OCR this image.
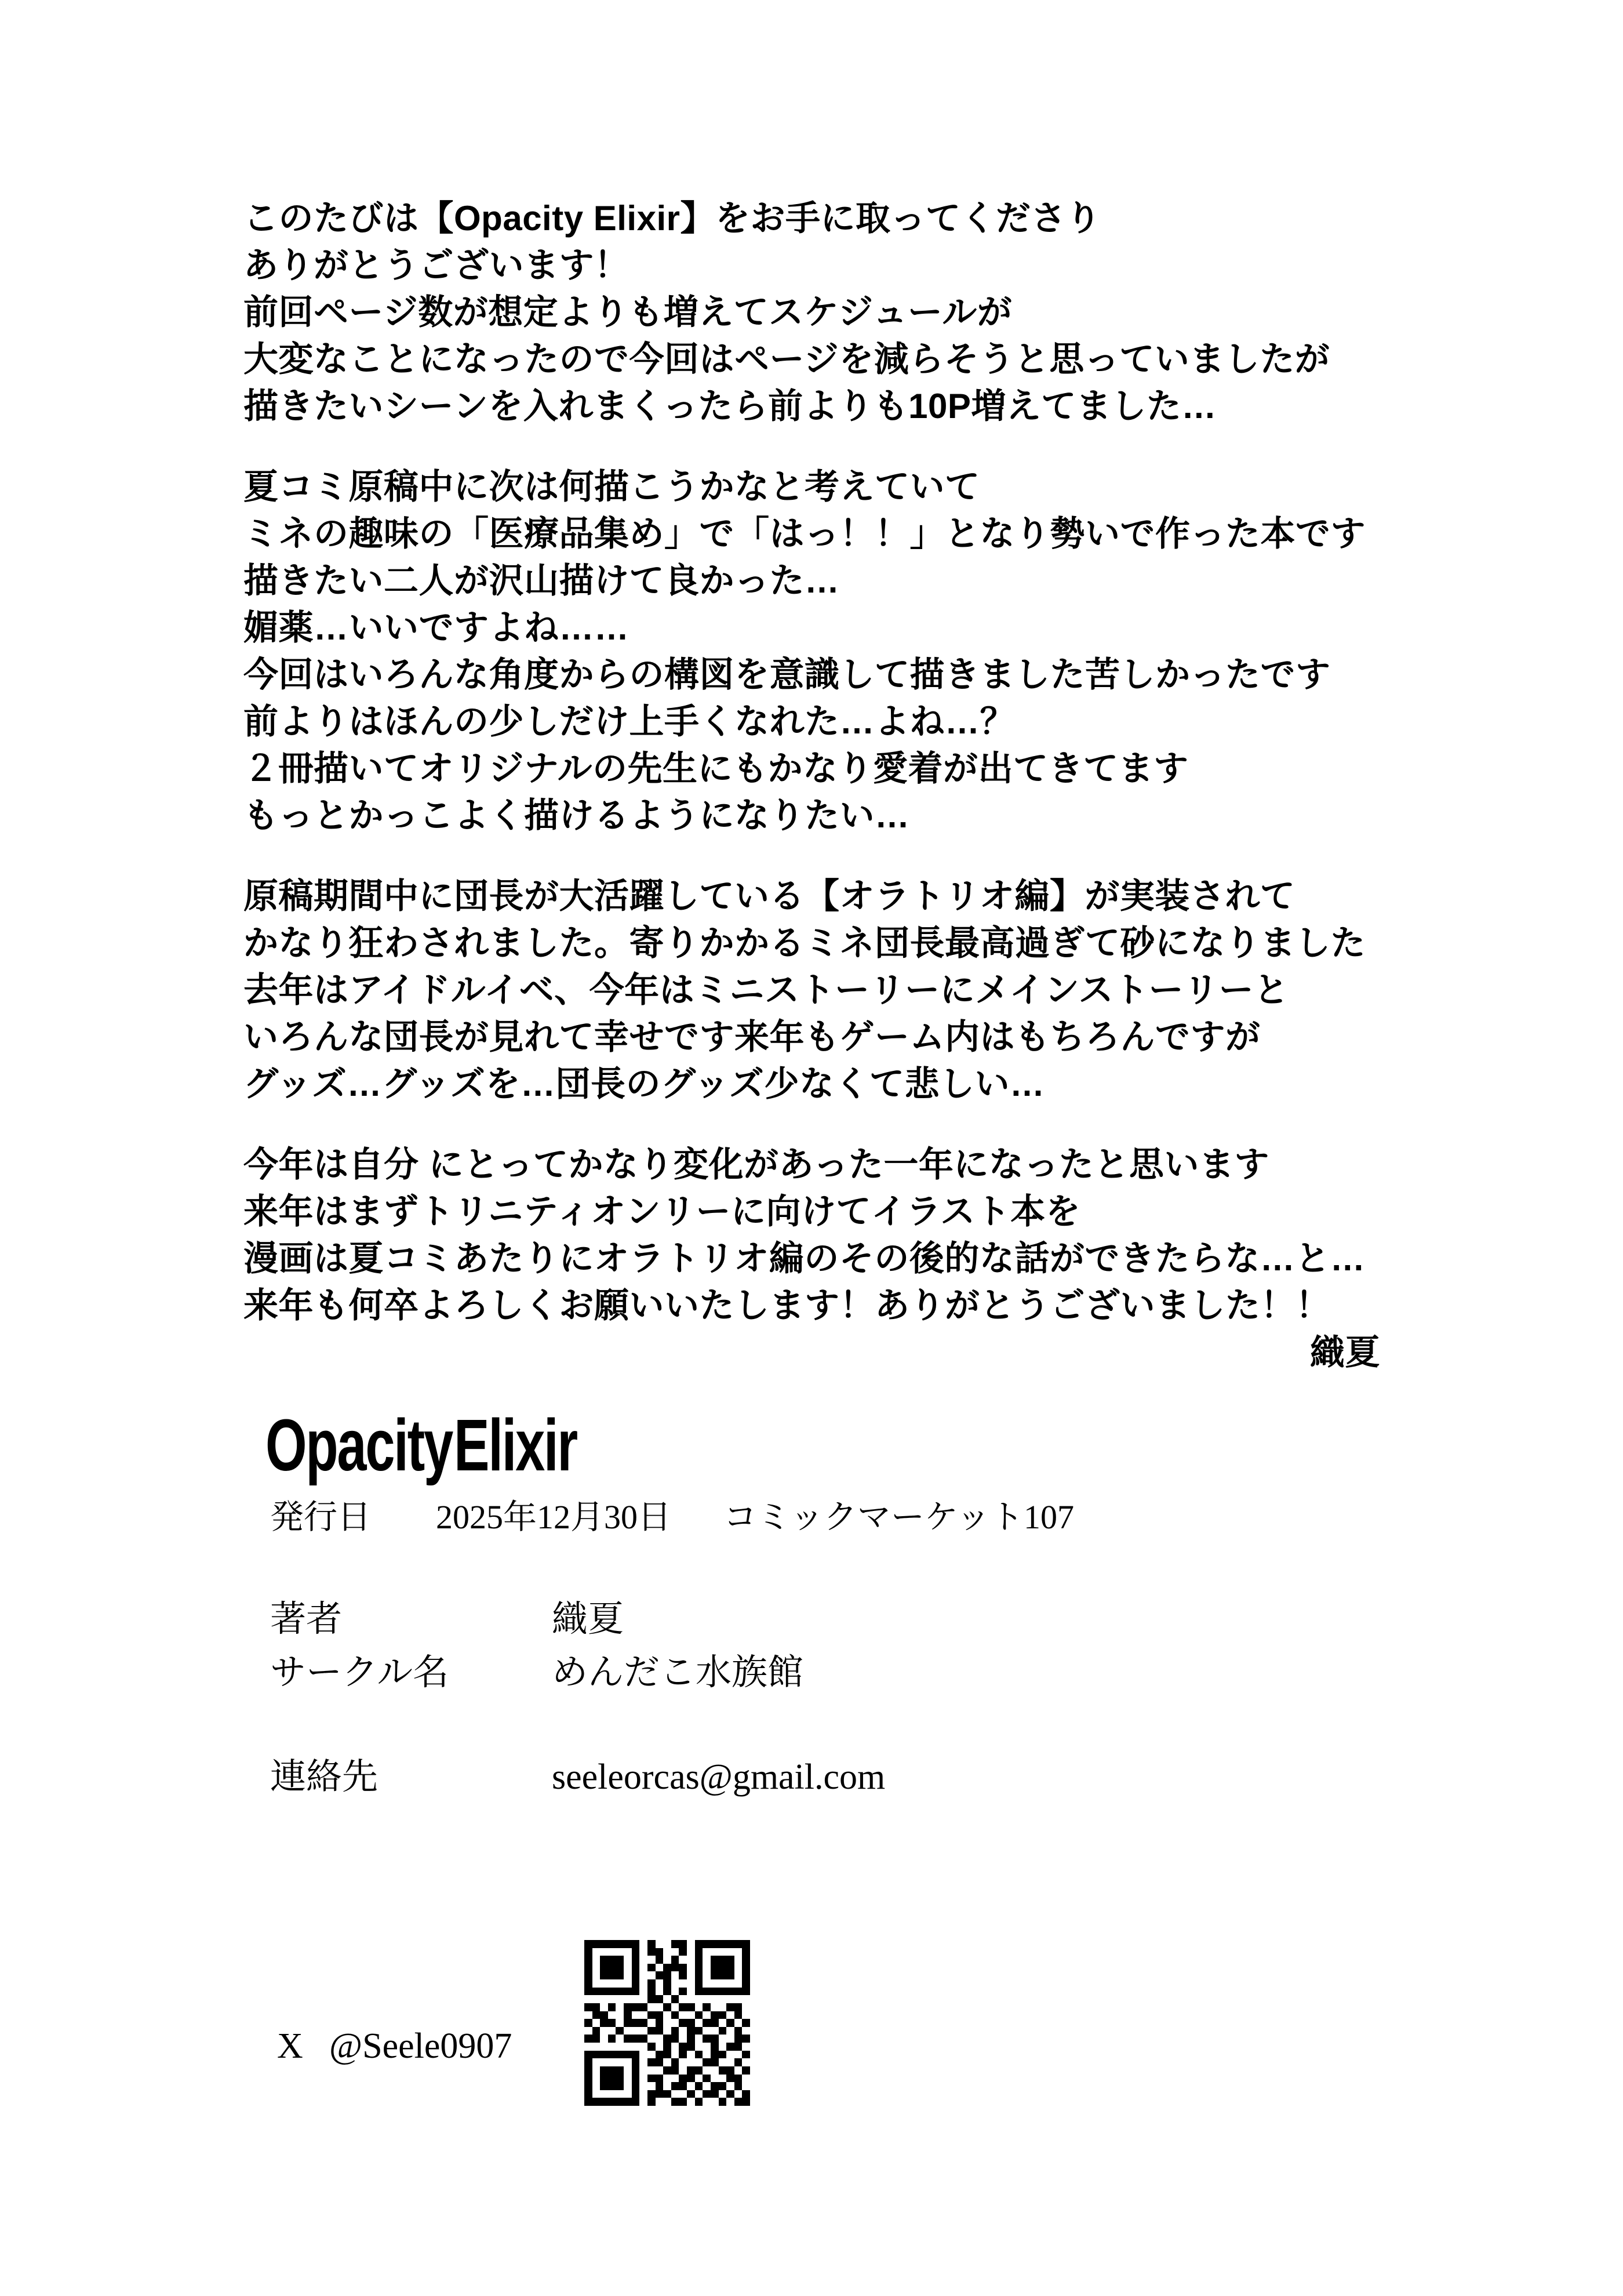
このたびは【Opacity Elixir】をお手に取ってくださり
ありがとうございます！
前回ページ数が想定よりも増えてスケジュールが
大変なことになったので今回はページを減らそうと思っていましたが
描きたいシーンを入れまくったら前よりも10P増えてました…
夏コミ原稿中に次は何描こうかなと考えていて
ミネの趣味の「医療品集め」で「はっ！！」となり勢いで作った本です
描きたい二人が沢山描けて良かった…
媚薬…いいですよね……
今回はいろんな角度からの構図を意識して描きました苦しかったです
前よりはほんの少しだけ上手くなれた…よね…？
２冊描いてオリジナルの先生にもかなり愛着が出てきてます
もっとかっこよく描けるようになりたい…
原稿期間中に団長が大活躍している【オラトリオ編】が実装されて
かなり狂わされました。寄りかかるミネ団長最高過ぎて砂になりました
去年はアイドルイベ、今年はミニストーリーにメインストーリーと
いろんな団長が見れて幸せです来年もゲーム内はもちろんですが
グッズ…グッズを…団長のグッズ少なくて悲しい…
今年は自分 にとってかなり変化があった一年になったと思います
来年はまずトリニティオンリーに向けてイラスト本を
漫画は夏コミあたりにオラトリオ編のその後的な話ができたらな…と…
来年も何卒よろしくお願いいたします！ありがとうございました！！
織夏
Opacity Elixir
発行日 2025年12月30日 コミックマーケット107
著者	織夏
サークル名	めんだこ水族館
連絡先	seeleorcas@gmail.com
X @Seele0907
